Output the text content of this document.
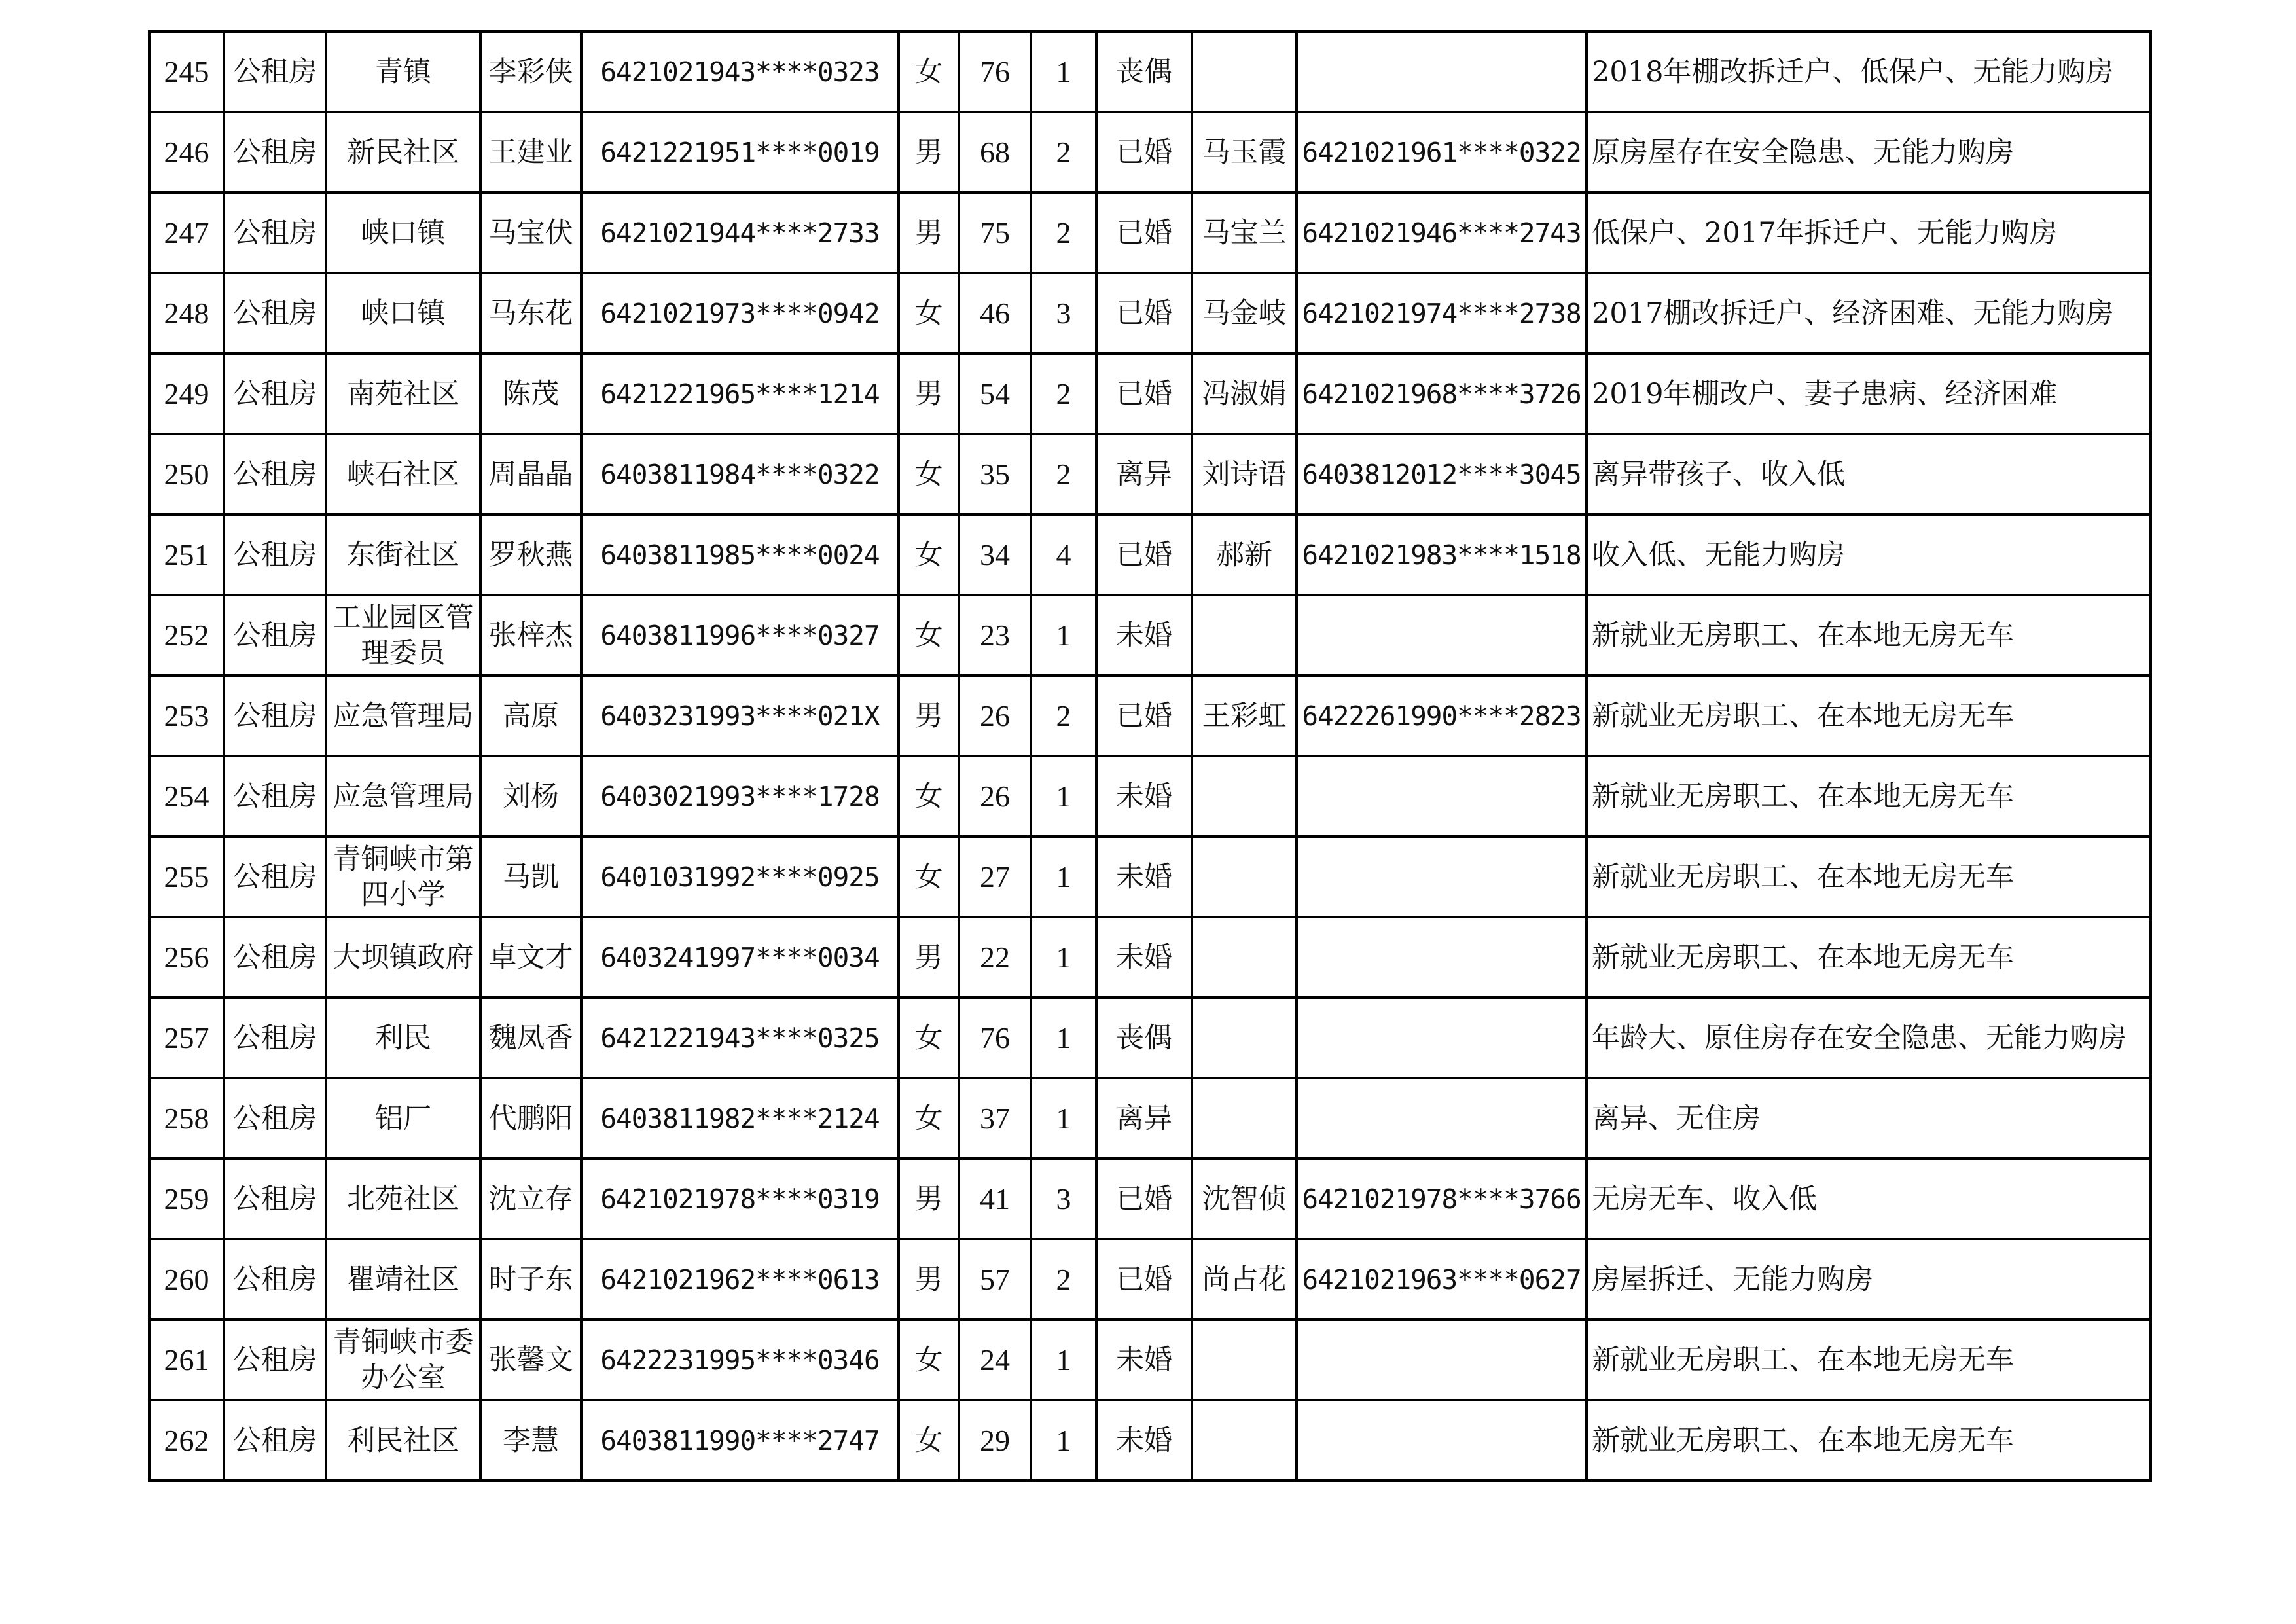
245	公租房	青镇	李彩侠	6421021943****0323	女	76	1	丧偶			2018年棚改拆迁户、低保户、无能力购房
246	公租房	新民社区	王建业	6421221951****0019	男	68	2	已婚	马玉霞	6421021961****0322	原房屋存在安全隐患、无能力购房
247	公租房	峡口镇	马宝伏	6421021944****2733	男	75	2	已婚	马宝兰	6421021946****2743	低保户、2017年拆迁户、无能力购房
248	公租房	峡口镇	马东花	6421021973****0942	女	46	3	已婚	马金岐	6421021974****2738	2017棚改拆迁户、经济困难、无能力购房
249	公租房	南苑社区	陈茂	6421221965****1214	男	54	2	已婚	冯淑娟	6421021968****3726	2019年棚改户、妻子患病、经济困难
250	公租房	峡石社区	周晶晶	6403811984****0322	女	35	2	离异	刘诗语	6403812012****3045	离异带孩子、收入低
251	公租房	东街社区	罗秋燕	6403811985****0024	女	34	4	已婚	郝新	6421021983****1518	收入低、无能力购房
252	公租房	工业园区管理委员	张梓杰	6403811996****0327	女	23	1	未婚			新就业无房职工、在本地无房无车
253	公租房	应急管理局	高原	6403231993****021X	男	26	2	已婚	王彩虹	6422261990****2823	新就业无房职工、在本地无房无车
254	公租房	应急管理局	刘杨	6403021993****1728	女	26	1	未婚			新就业无房职工、在本地无房无车
255	公租房	青铜峡市第四小学	马凯	6401031992****0925	女	27	1	未婚			新就业无房职工、在本地无房无车
256	公租房	大坝镇政府	卓文才	6403241997****0034	男	22	1	未婚			新就业无房职工、在本地无房无车
257	公租房	利民	魏凤香	6421221943****0325	女	76	1	丧偶			年龄大、原住房存在安全隐患、无能力购房
258	公租房	铝厂	代鹏阳	6403811982****2124	女	37	1	离异			离异、无住房
259	公租房	北苑社区	沈立存	6421021978****0319	男	41	3	已婚	沈智侦	6421021978****3766	无房无车、收入低
260	公租房	瞿靖社区	时子东	6421021962****0613	男	57	2	已婚	尚占花	6421021963****0627	房屋拆迁、无能力购房
261	公租房	青铜峡市委办公室	张馨文	6422231995****0346	女	24	1	未婚			新就业无房职工、在本地无房无车
262	公租房	利民社区	李慧	6403811990****2747	女	29	1	未婚			新就业无房职工、在本地无房无车
